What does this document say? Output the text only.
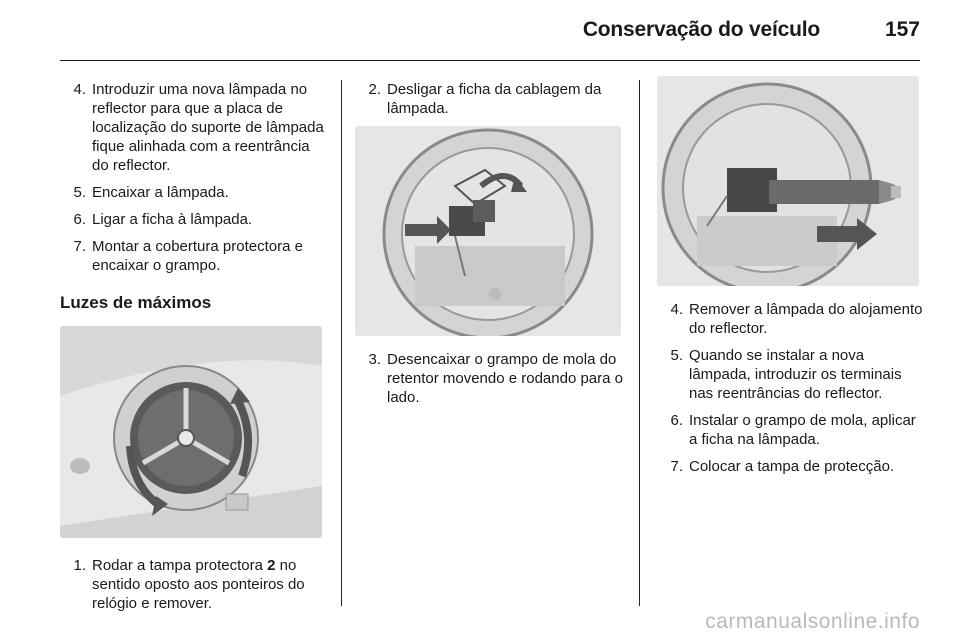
Conservação do veículo	157
4. Introduzir uma nova lâmpada no reflector para que a placa de localização do suporte de lâmpada fique alinhada com a reentrância do reflector.
5. Encaixar a lâmpada.
6. Ligar a ficha à lâmpada.
7. Montar a cobertura protectora e encaixar o grampo.
Luzes de máximos
1. Rodar a tampa protectora 2 no sentido oposto aos ponteiros do relógio e remover.
2. Desligar a ficha da cablagem da lâmpada.
3. Desencaixar o grampo de mola do retentor movendo e rodando para o lado.
4. Remover a lâmpada do alojamento do reflector.
5. Quando se instalar a nova lâmpada, introduzir os terminais nas reentrâncias do reflector.
6. Instalar o grampo de mola, aplicar a ficha na lâmpada.
7. Colocar a tampa de protecção.
carmanualsonline.info
